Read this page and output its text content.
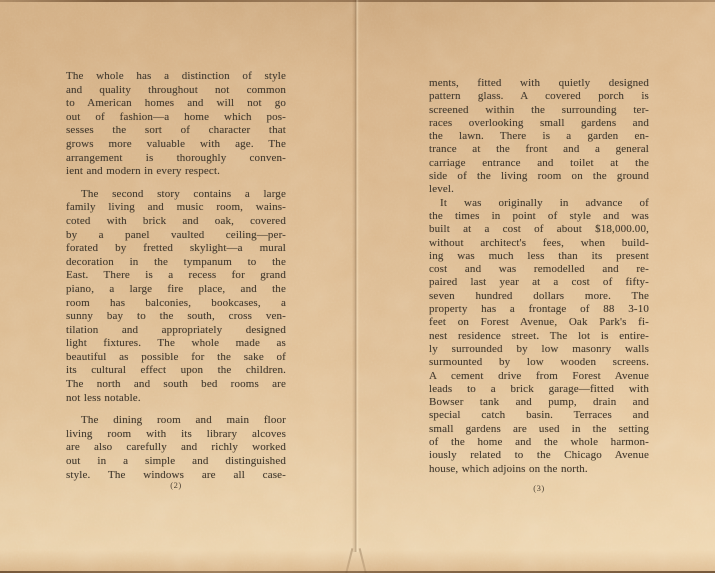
The whole has a distinction of style
and quality throughout not common
to American homes and will not go
out of fashion—a home which pos-
sesses the sort of character that
grows more valuable with age. The
arrangement is thoroughly conven-
ient and modern in every respect.
The second story contains a large
family living and music room, wains-
coted with brick and oak, covered
by a panel vaulted ceiling—per-
forated by fretted skylight—a mural
decoration in the tympanum to the
East. There is a recess for grand
piano, a large fire place, and the
room has balconies, bookcases, a
sunny bay to the south, cross ven-
tilation and appropriately designed
light fixtures. The whole made as
beautiful as possible for the sake of
its cultural effect upon the children.
The north and south bed rooms are
not less notable.
The dining room and main floor
living room with its library alcoves
are also carefully and richly worked
out in a simple and distinguished
style. The windows are all case-
(2)
ments, fitted with quietly designed
pattern glass. A covered porch is
screened within the surrounding ter-
races overlooking small gardens and
the lawn. There is a garden en-
trance at the front and a general
carriage entrance and toilet at the
side of the living room on the ground
level.
It was originally in advance of
the times in point of style and was
built at a cost of about $18,000.00,
without architect's fees, when build-
ing was much less than its present
cost and was remodelled and re-
paired last year at a cost of fifty-
seven hundred dollars more. The
property has a frontage of 88 3-10
feet on Forest Avenue, Oak Park's fi-
nest residence street. The lot is entire-
ly surrounded by low masonry walls
surmounted by low wooden screens.
A cement drive from Forest Avenue
leads to a brick garage—fitted with
Bowser tank and pump, drain and
special catch basin. Terraces and
small gardens are used in the setting
of the home and the whole harmon-
iously related to the Chicago Avenue
house, which adjoins on the north.
(3)
